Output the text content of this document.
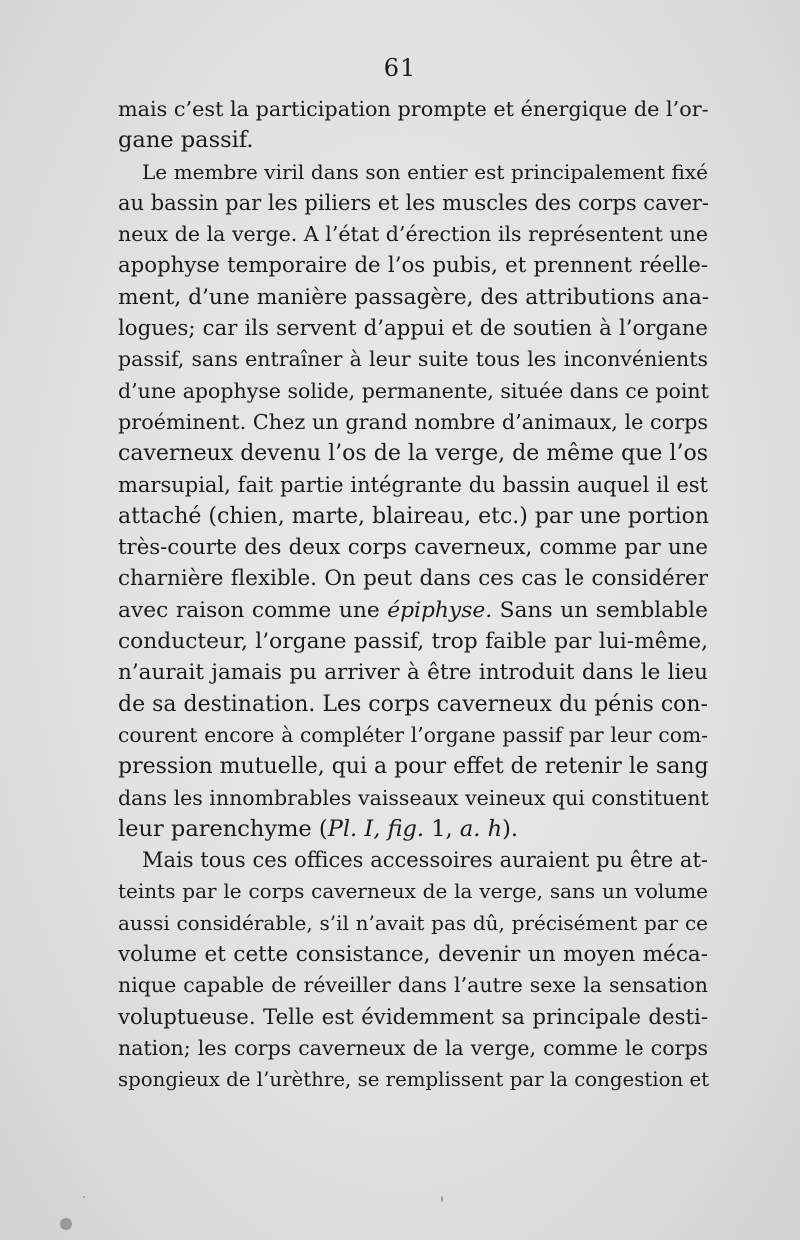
61
mais c’est la participation prompte et énergique de l’or-
gane passif.
Le membre viril dans son entier est principalement fixé
au bassin par les piliers et les muscles des corps caver-
neux de la verge. A l’état d’érection ils représentent une
apophyse temporaire de l’os pubis, et prennent réelle-
ment, d’une manière passagère, des attributions ana-
logues; car ils servent d’appui et de soutien à l’organe
passif, sans entraîner à leur suite tous les inconvénients
d’une apophyse solide, permanente, située dans ce point
proéminent. Chez un grand nombre d’animaux, le corps
caverneux devenu l’os de la verge, de même que l’os
marsupial, fait partie intégrante du bassin auquel il est
attaché (chien, marte, blaireau, etc.) par une portion
très-courte des deux corps caverneux, comme par une
charnière flexible. On peut dans ces cas le considérer
avec raison comme une épiphyse. Sans un semblable
conducteur, l’organe passif, trop faible par lui-même,
n’aurait jamais pu arriver à être introduit dans le lieu
de sa destination. Les corps caverneux du pénis con-
courent encore à compléter l’organe passif par leur com-
pression mutuelle, qui a pour effet de retenir le sang
dans les innombrables vaisseaux veineux qui constituent
leur parenchyme (Pl. I, fig. 1, a. h).
Mais tous ces offices accessoires auraient pu être at-
teints par le corps caverneux de la verge, sans un volume
aussi considérable, s’il n’avait pas dû, précisément par ce
volume et cette consistance, devenir un moyen méca-
nique capable de réveiller dans l’autre sexe la sensation
voluptueuse. Telle est évidemment sa principale desti-
nation; les corps caverneux de la verge, comme le corps
spongieux de l’urèthre, se remplissent par la congestion et
